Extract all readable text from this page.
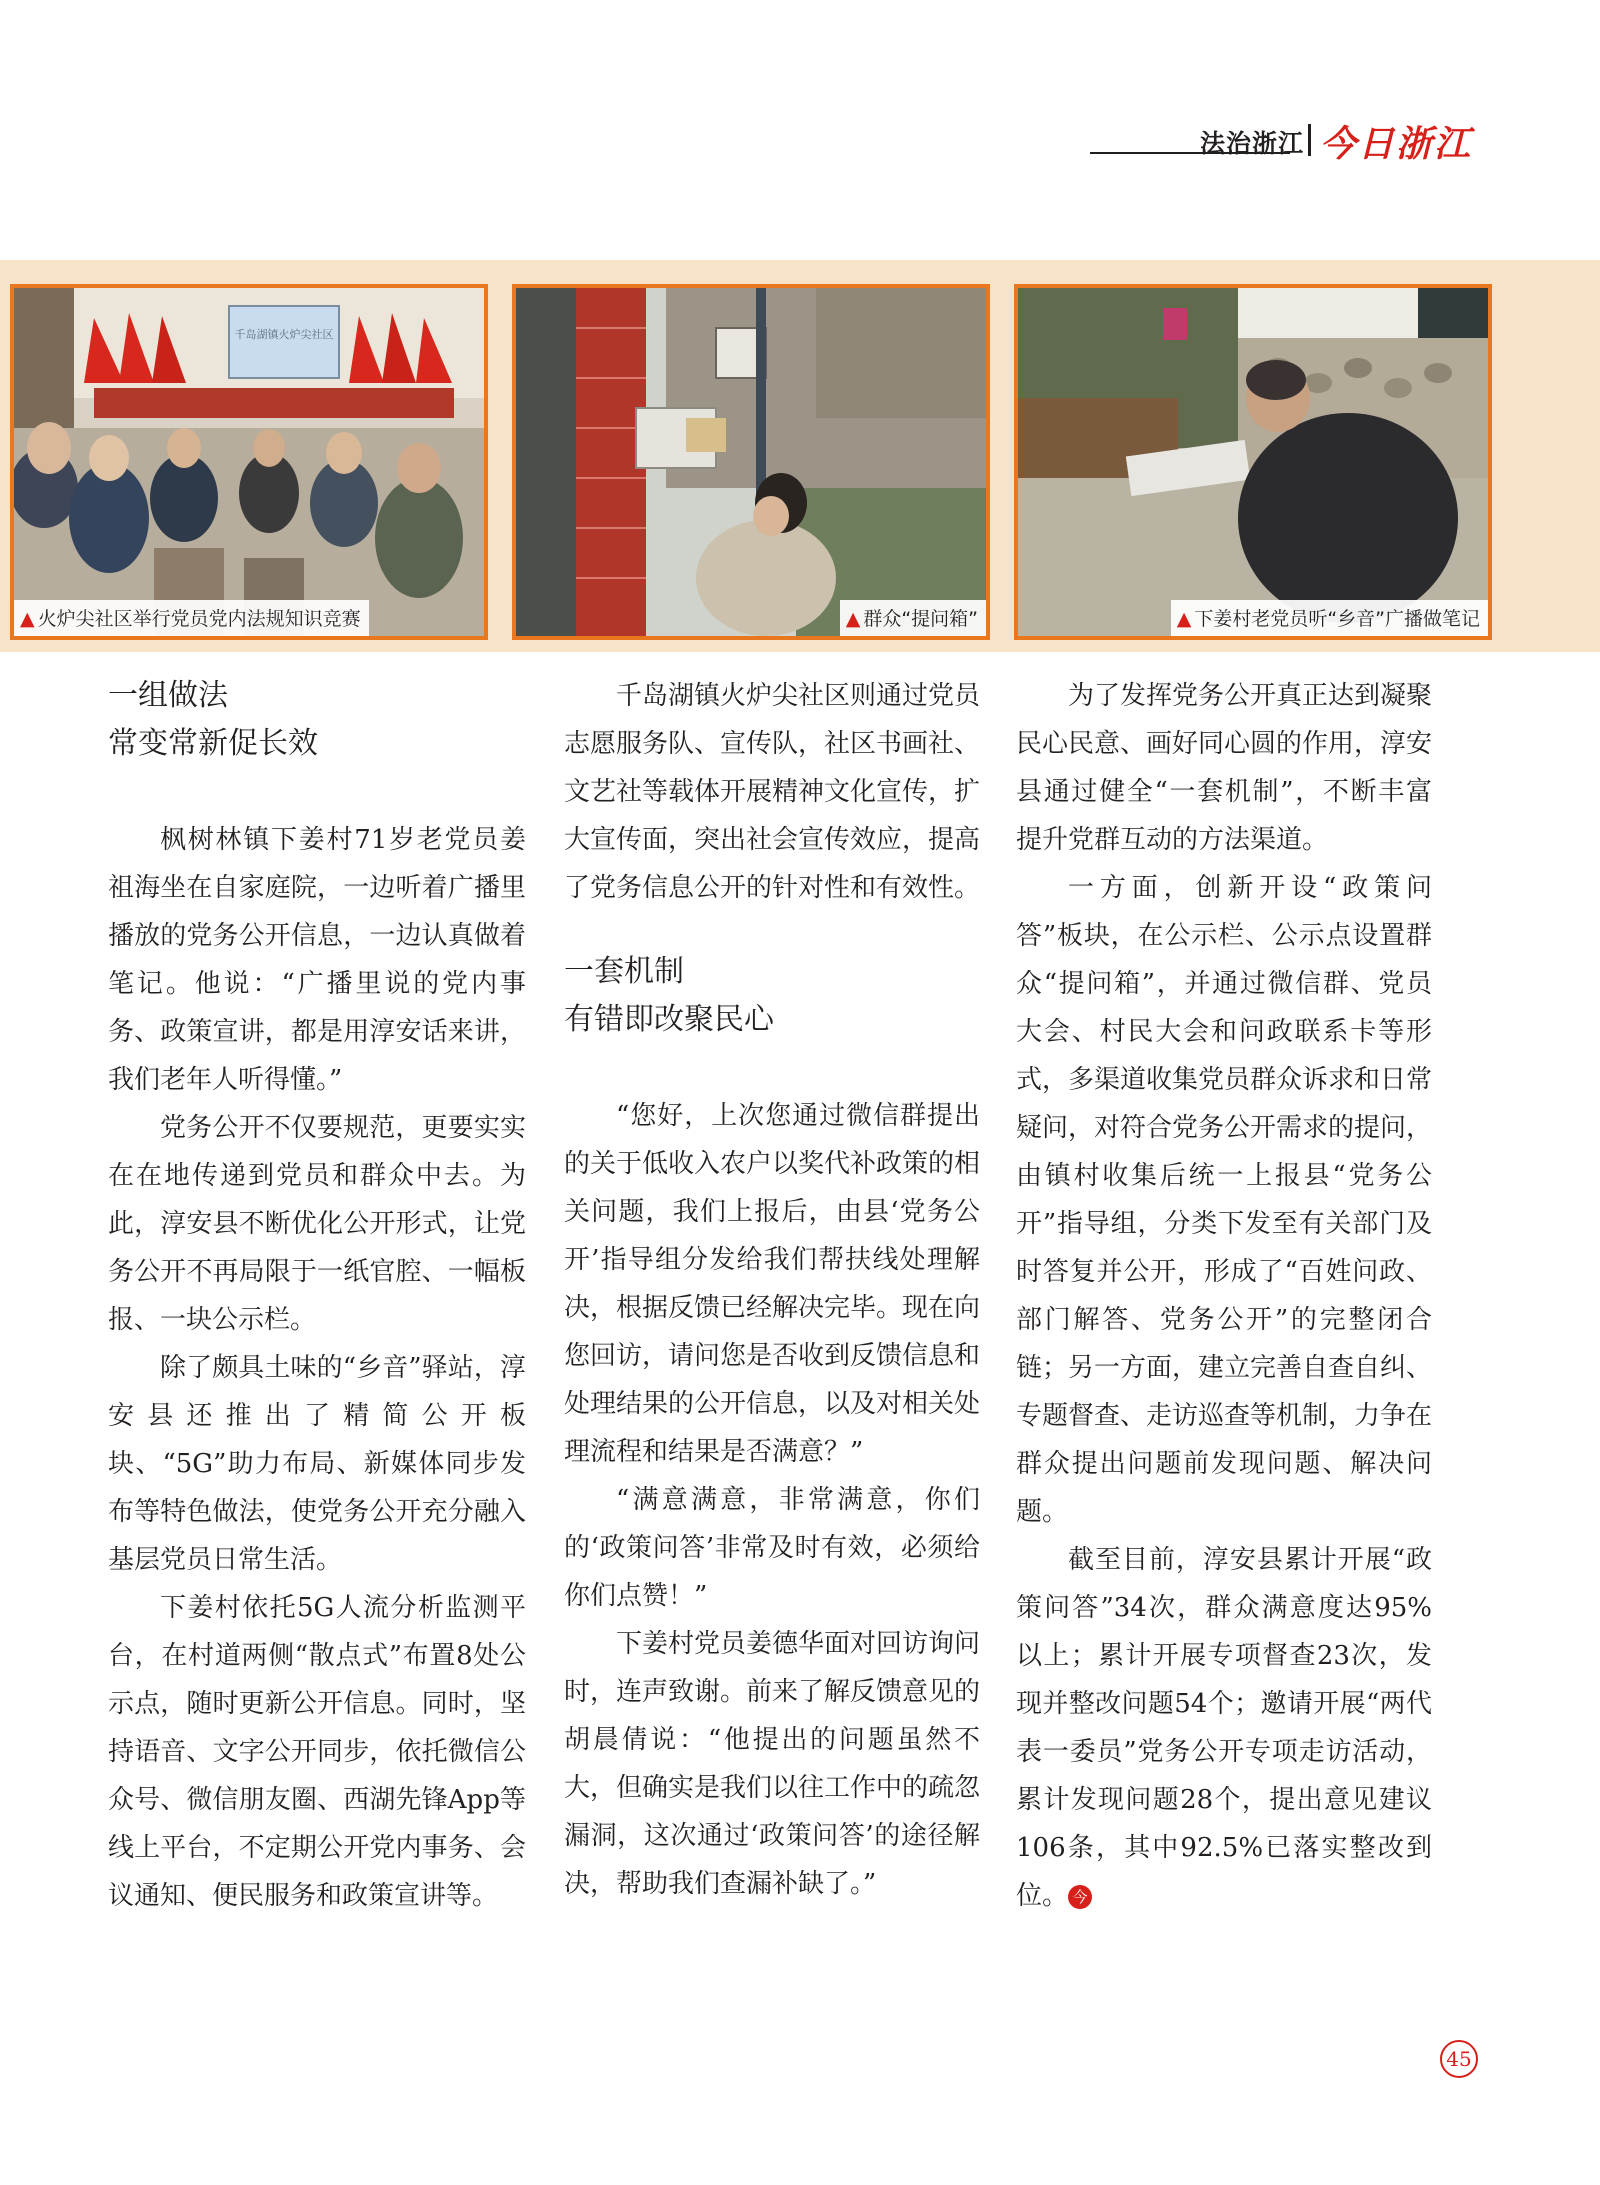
法治浙江 今日浙江
千岛湖镇火炉尖社区
▲ 火炉尖社区举行党员党内法规知识竞赛	▲ 群众“提问箱”	▲ 下姜村老党员听“乡音”广播做笔记
一组做法
常变常新促长效

枫树林镇下姜村71岁老党员姜祖海坐在自家庭院，一边听着广播里播放的党务公开信息，一边认真做着笔记。他说：“广播里说的党内事务、政策宣讲，都是用淳安话来讲，我们老年人听得懂。”

党务公开不仅要规范，更要实实在在地传递到党员和群众中去。为此，淳安县不断优化公开形式，让党务公开不再局限于一纸官腔、一幅板报、一块公示栏。

除了颇具土味的“乡音”驿站，淳安县还推出了精简公开板块、“5G”助力布局、新媒体同步发布等特色做法，使党务公开充分融入基层党员日常生活。

下姜村依托5G人流分析监测平台，在村道两侧“散点式”布置8处公示点，随时更新公开信息。同时，坚持语音、文字公开同步，依托微信公众号、微信朋友圈、西湖先锋App等线上平台，不定期公开党内事务、会议通知、便民服务和政策宣讲等。

千岛湖镇火炉尖社区则通过党员志愿服务队、宣传队，社区书画社、文艺社等载体开展精神文化宣传，扩大宣传面，突出社会宣传效应，提高了党务信息公开的针对性和有效性。

一套机制
有错即改聚民心

“您好，上次您通过微信群提出的关于低收入农户以奖代补政策的相关问题，我们上报后，由县‘党务公开’指导组分发给我们帮扶线处理解决，根据反馈已经解决完毕。现在向您回访，请问您是否收到反馈信息和处理结果的公开信息，以及对相关处理流程和结果是否满意？”

“满意满意，非常满意，你们的‘政策问答’非常及时有效，必须给你们点赞！”

下姜村党员姜德华面对回访询问时，连声致谢。前来了解反馈意见的胡晨倩说：“他提出的问题虽然不大，但确实是我们以往工作中的疏忽漏洞，这次通过‘政策问答’的途径解决，帮助我们查漏补缺了。”

为了发挥党务公开真正达到凝聚民心民意、画好同心圆的作用，淳安县通过健全“一套机制”，不断丰富提升党群互动的方法渠道。

一方面，创新开设“政策问答”板块，在公示栏、公示点设置群众“提问箱”，并通过微信群、党员大会、村民大会和问政联系卡等形式，多渠道收集党员群众诉求和日常疑问，对符合党务公开需求的提问，由镇村收集后统一上报县“党务公开”指导组，分类下发至有关部门及时答复并公开，形成了“百姓问政、部门解答、党务公开”的完整闭合链；另一方面，建立完善自查自纠、专题督查、走访巡查等机制，力争在群众提出问题前发现问题、解决问题。

截至目前，淳安县累计开展“政策问答”34次，群众满意度达95%以上；累计开展专项督查23次，发现并整改问题54个；邀请开展“两代表一委员”党务公开专项走访活动，累计发现问题28个，提出意见建议106条，其中92.5%已落实整改到位。 今

45
